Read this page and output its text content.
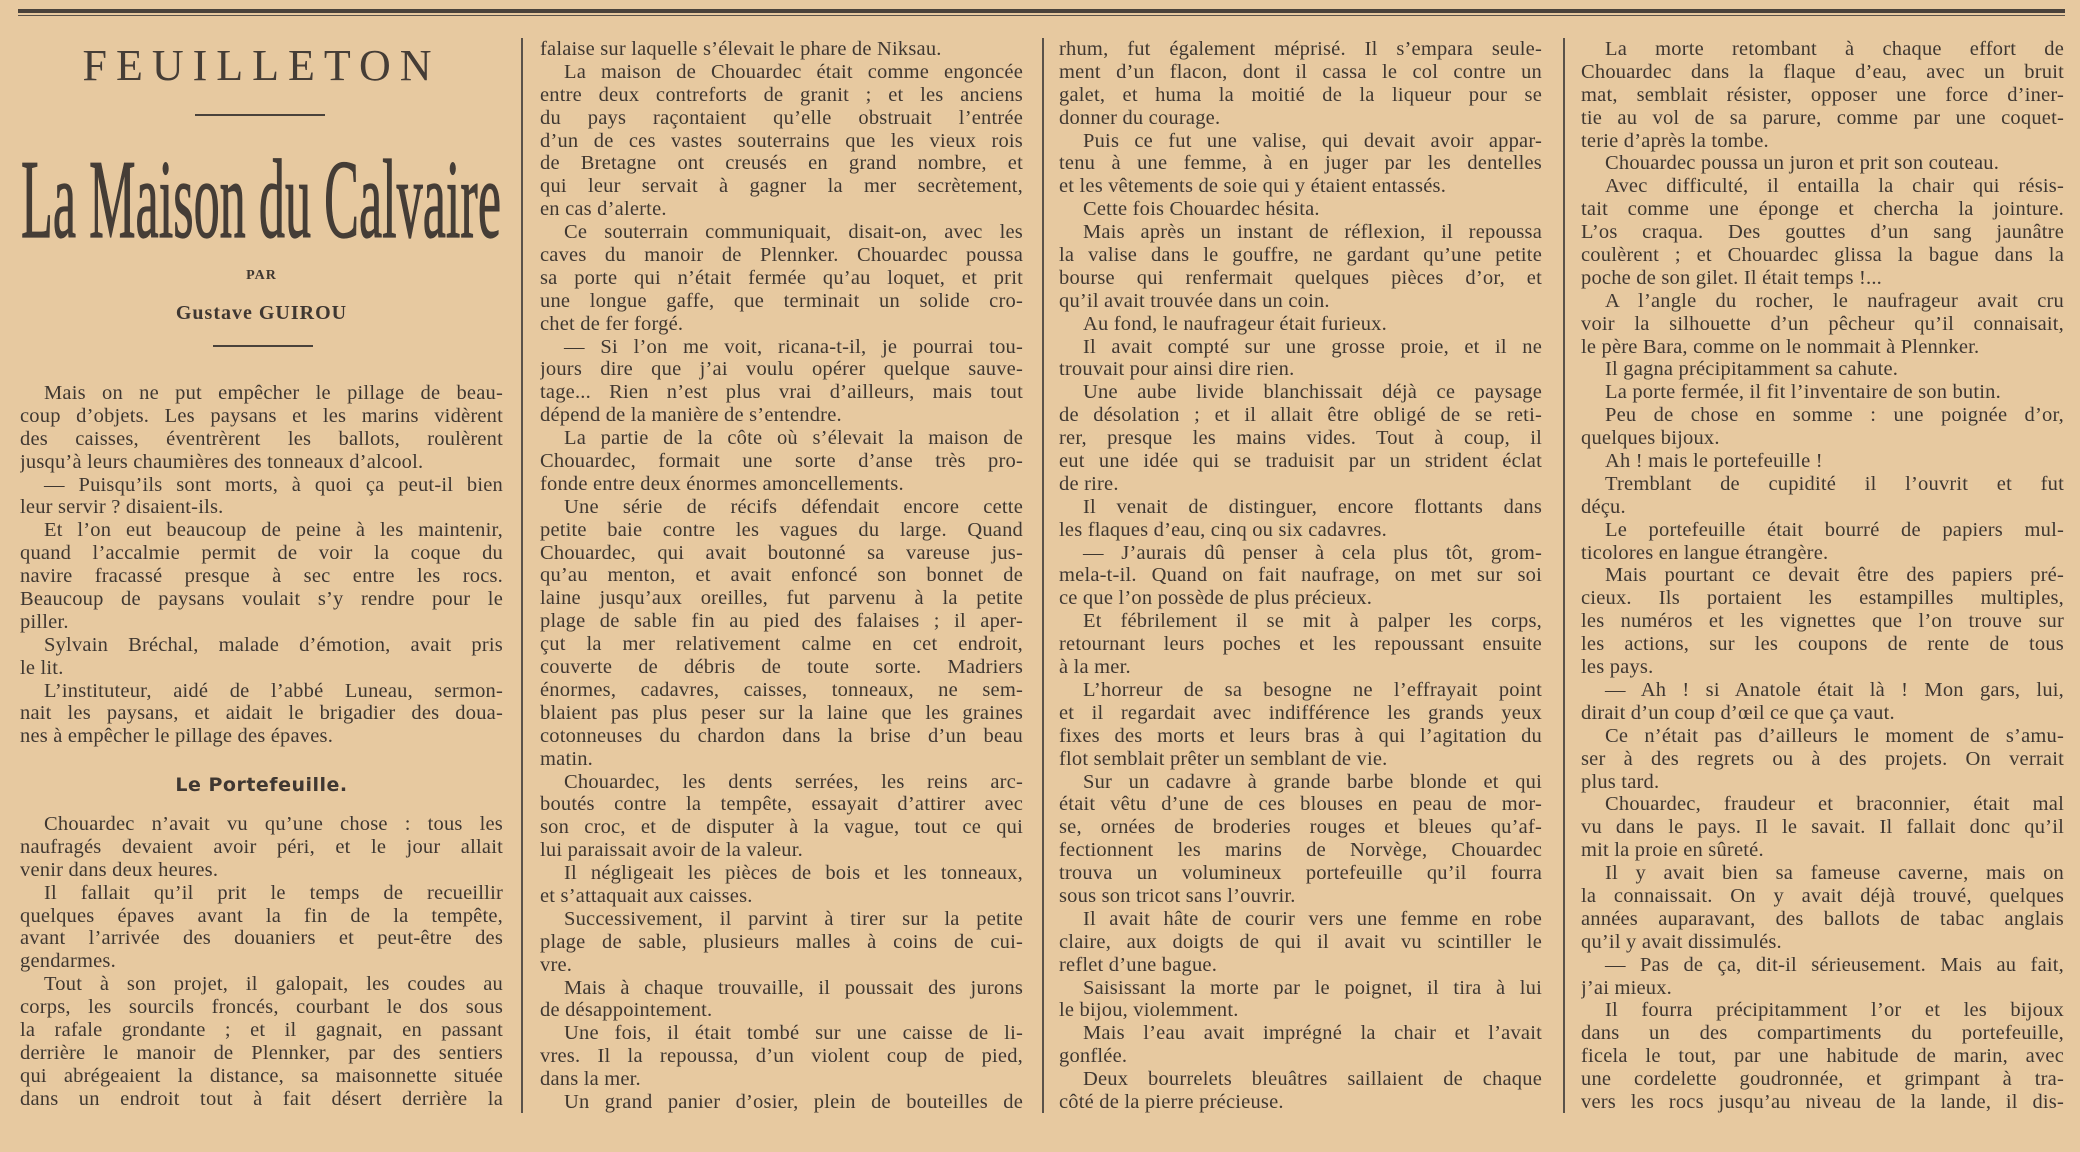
FEUILLETON
La Maison du Calvaire
PAR
Gustave GUIROU
Mais on ne put empêcher le pillage de beau-
coup d’objets. Les paysans et les marins vidèrent
des caisses, éventrèrent les ballots, roulèrent
jusqu’à leurs chaumières des tonneaux d’alcool.
— Puisqu’ils sont morts, à quoi ça peut-il bien
leur servir ? disaient-ils.
Et l’on eut beaucoup de peine à les maintenir,
quand l’accalmie permit de voir la coque du
navire fracassé presque à sec entre les rocs.
Beaucoup de paysans voulait s’y rendre pour le
piller.
Sylvain Bréchal, malade d’émotion, avait pris
le lit.
L’instituteur, aidé de l’abbé Luneau, sermon-
nait les paysans, et aidait le brigadier des doua-
nes à empêcher le pillage des épaves.
Le Portefeuille.
Chouardec n’avait vu qu’une chose : tous les
naufragés devaient avoir péri, et le jour allait
venir dans deux heures.
Il fallait qu’il prit le temps de recueillir
quelques épaves avant la fin de la tempête,
avant l’arrivée des douaniers et peut-être des
gendarmes.
Tout à son projet, il galopait, les coudes au
corps, les sourcils froncés, courbant le dos sous
la rafale grondante ; et il gagnait, en passant
derrière le manoir de Plennker, par des sentiers
qui abrégeaient la distance, sa maisonnette située
dans un endroit tout à fait désert derrière la
falaise sur laquelle s’élevait le phare de Niksau.
La maison de Chouardec était comme engoncée
entre deux contreforts de granit ; et les anciens
du pays raçontaient qu’elle obstruait l’entrée
d’un de ces vastes souterrains que les vieux rois
de Bretagne ont creusés en grand nombre, et
qui leur servait à gagner la mer secrètement,
en cas d’alerte.
Ce souterrain communiquait, disait-on, avec les
caves du manoir de Plennker. Chouardec poussa
sa porte qui n’était fermée qu’au loquet, et prit
une longue gaffe, que terminait un solide cro-
chet de fer forgé.
— Si l’on me voit, ricana-t-il, je pourrai tou-
jours dire que j’ai voulu opérer quelque sauve-
tage... Rien n’est plus vrai d’ailleurs, mais tout
dépend de la manière de s’entendre.
La partie de la côte où s’élevait la maison de
Chouardec, formait une sorte d’anse très pro-
fonde entre deux énormes amoncellements.
Une série de récifs défendait encore cette
petite baie contre les vagues du large. Quand
Chouardec, qui avait boutonné sa vareuse jus-
qu’au menton, et avait enfoncé son bonnet de
laine jusqu’aux oreilles, fut parvenu à la petite
plage de sable fin au pied des falaises ; il aper-
çut la mer relativement calme en cet endroit,
couverte de débris de toute sorte. Madriers
énormes, cadavres, caisses, tonneaux, ne sem-
blaient pas plus peser sur la laine que les graines
cotonneuses du chardon dans la brise d’un beau
matin.
Chouardec, les dents serrées, les reins arc-
boutés contre la tempête, essayait d’attirer avec
son croc, et de disputer à la vague, tout ce qui
lui paraissait avoir de la valeur.
Il négligeait les pièces de bois et les tonneaux,
et s’attaquait aux caisses.
Successivement, il parvint à tirer sur la petite
plage de sable, plusieurs malles à coins de cui-
vre.
Mais à chaque trouvaille, il poussait des jurons
de désappointement.
Une fois, il était tombé sur une caisse de li-
vres. Il la repoussa, d’un violent coup de pied,
dans la mer.
Un grand panier d’osier, plein de bouteilles de
rhum, fut également méprisé. Il s’empara seule-
ment d’un flacon, dont il cassa le col contre un
galet, et huma la moitié de la liqueur pour se
donner du courage.
Puis ce fut une valise, qui devait avoir appar-
tenu à une femme, à en juger par les dentelles
et les vêtements de soie qui y étaient entassés.
Cette fois Chouardec hésita.
Mais après un instant de réflexion, il repoussa
la valise dans le gouffre, ne gardant qu’une petite
bourse qui renfermait quelques pièces d’or, et
qu’il avait trouvée dans un coin.
Au fond, le naufrageur était furieux.
Il avait compté sur une grosse proie, et il ne
trouvait pour ainsi dire rien.
Une aube livide blanchissait déjà ce paysage
de désolation ; et il allait être obligé de se reti-
rer, presque les mains vides. Tout à coup, il
eut une idée qui se traduisit par un strident éclat
de rire.
Il venait de distinguer, encore flottants dans
les flaques d’eau, cinq ou six cadavres.
— J’aurais dû penser à cela plus tôt, grom-
mela-t-il. Quand on fait naufrage, on met sur soi
ce que l’on possède de plus précieux.
Et fébrilement il se mit à palper les corps,
retournant leurs poches et les repoussant ensuite
à la mer.
L’horreur de sa besogne ne l’effrayait point
et il regardait avec indifférence les grands yeux
fixes des morts et leurs bras à qui l’agitation du
flot semblait prêter un semblant de vie.
Sur un cadavre à grande barbe blonde et qui
était vêtu d’une de ces blouses en peau de mor-
se, ornées de broderies rouges et bleues qu’af-
fectionnent les marins de Norvège, Chouardec
trouva un volumineux portefeuille qu’il fourra
sous son tricot sans l’ouvrir.
Il avait hâte de courir vers une femme en robe
claire, aux doigts de qui il avait vu scintiller le
reflet d’une bague.
Saisissant la morte par le poignet, il tira à lui
le bijou, violemment.
Mais l’eau avait imprégné la chair et l’avait
gonflée.
Deux bourrelets bleuâtres saillaient de chaque
côté de la pierre précieuse.
La morte retombant à chaque effort de
Chouardec dans la flaque d’eau, avec un bruit
mat, semblait résister, opposer une force d’iner-
tie au vol de sa parure, comme par une coquet-
terie d’après la tombe.
Chouardec poussa un juron et prit son couteau.
Avec difficulté, il entailla la chair qui résis-
tait comme une éponge et chercha la jointure.
L’os craqua. Des gouttes d’un sang jaunâtre
coulèrent ; et Chouardec glissa la bague dans la
poche de son gilet. Il était temps !...
A l’angle du rocher, le naufrageur avait cru
voir la silhouette d’un pêcheur qu’il connaisait,
le père Bara, comme on le nommait à Plennker.
Il gagna précipitamment sa cahute.
La porte fermée, il fit l’inventaire de son butin.
Peu de chose en somme : une poignée d’or,
quelques bijoux.
Ah ! mais le portefeuille !
Tremblant de cupidité il l’ouvrit et fut
déçu.
Le portefeuille était bourré de papiers mul-
ticolores en langue étrangère.
Mais pourtant ce devait être des papiers pré-
cieux. Ils portaient les estampilles multiples,
les numéros et les vignettes que l’on trouve sur
les actions, sur les coupons de rente de tous
les pays.
— Ah ! si Anatole était là ! Mon gars, lui,
dirait d’un coup d’œil ce que ça vaut.
Ce n’était pas d’ailleurs le moment de s’amu-
ser à des regrets ou à des projets. On verrait
plus tard.
Chouardec, fraudeur et braconnier, était mal
vu dans le pays. Il le savait. Il fallait donc qu’il
mit la proie en sûreté.
Il y avait bien sa fameuse caverne, mais on
la connaissait. On y avait déjà trouvé, quelques
années auparavant, des ballots de tabac anglais
qu’il y avait dissimulés.
— Pas de ça, dit-il sérieusement. Mais au fait,
j’ai mieux.
Il fourra précipitamment l’or et les bijoux
dans un des compartiments du portefeuille,
ficela le tout, par une habitude de marin, avec
une cordelette goudronnée, et grimpant à tra-
vers les rocs jusqu’au niveau de la lande, il dis-
